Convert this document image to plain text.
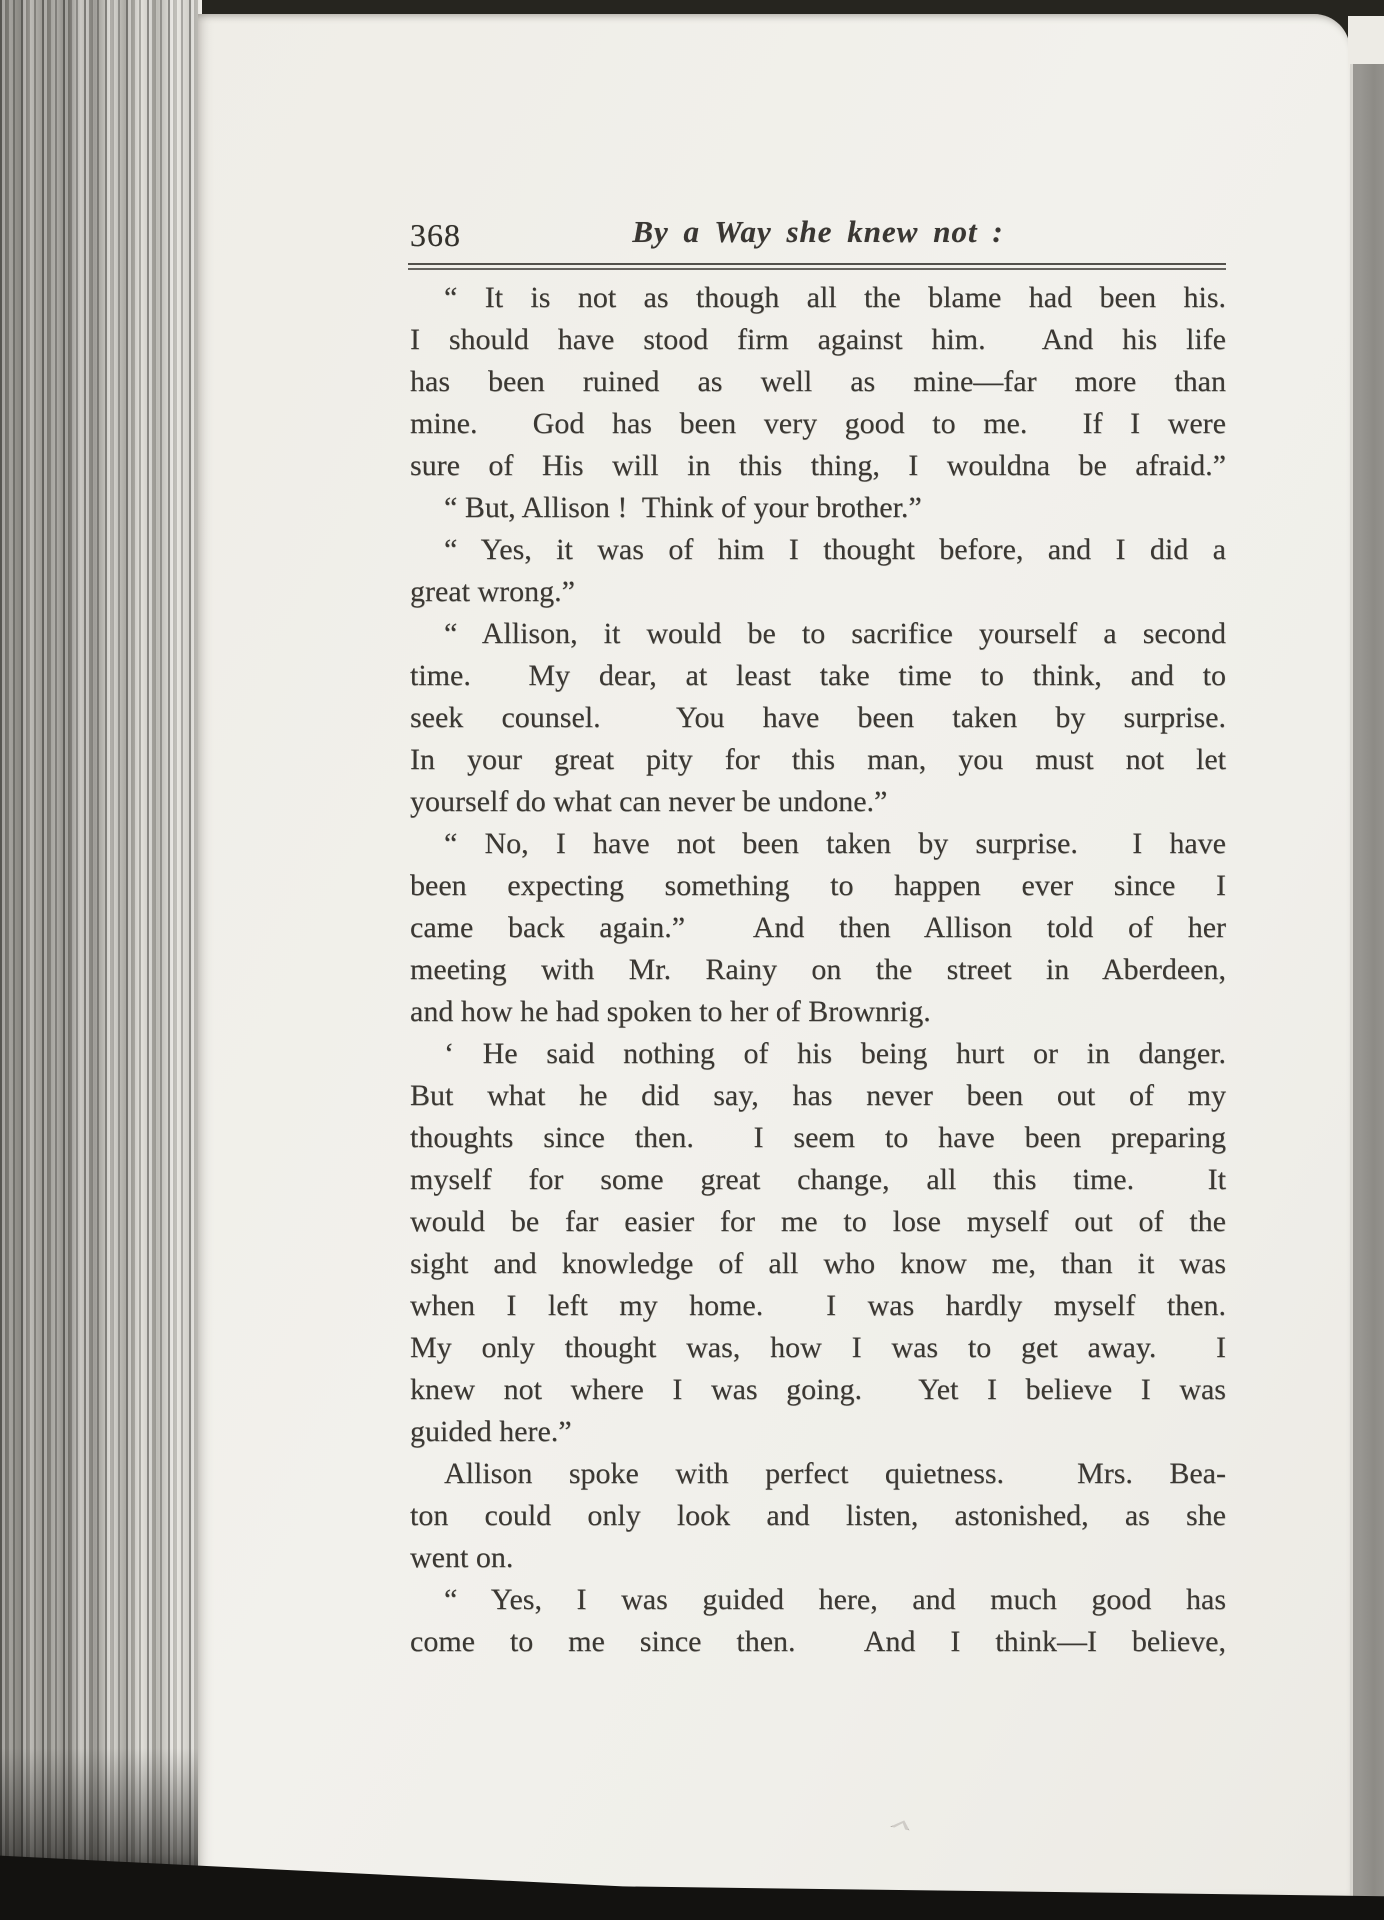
368	By a Way she knew not :
“ It is not as though all the blame had been his.
I should have stood firm against him.  And his life
has been ruined as well as mine—far more than
mine.  God has been very good to me.  If I were
sure of His will in this thing, I wouldna be afraid.”
“ But, Allison !  Think of your brother.”
“ Yes, it was of him I thought before, and I did a
great wrong.”
“ Allison, it would be to sacrifice yourself a second
time.  My dear, at least take time to think, and to
seek counsel.  You have been taken by surprise.
In your great pity for this man, you must not let
yourself do what can never be undone.”
“ No, I have not been taken by surprise.  I have
been expecting something to happen ever since I
came back again.”  And then Allison told of her
meeting with Mr. Rainy on the street in Aberdeen,
and how he had spoken to her of Brownrig.
‘ He said nothing of his being hurt or in danger.
But what he did say, has never been out of my
thoughts since then.  I seem to have been preparing
myself for some great change, all this time.  It
would be far easier for me to lose myself out of the
sight and knowledge of all who know me, than it was
when I left my home.  I was hardly myself then.
My only thought was, how I was to get away.  I
knew not where I was going.  Yet I believe I was
guided here.”
Allison spoke with perfect quietness.  Mrs. Bea-
ton could only look and listen, astonished, as she
went on.
“ Yes, I was guided here, and much good has
come to me since then.  And I think—I believe,
